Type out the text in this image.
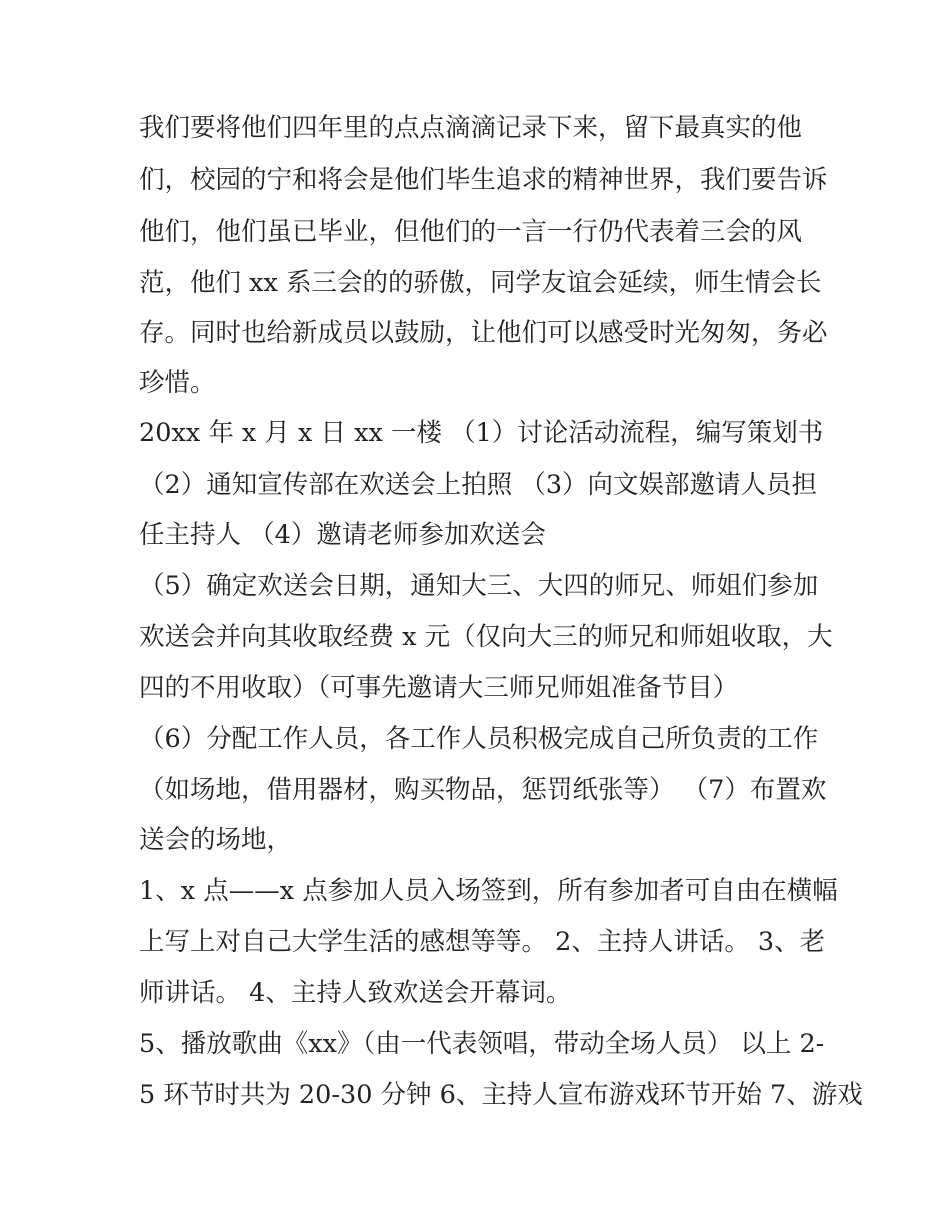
我们要将他们四年里的点点滴滴记录下来，留下最真实的他
们，校园的宁和将会是他们毕生追求的精神世界，我们要告诉
他们，他们虽已毕业，但他们的一言一行仍代表着三会的风
范，他们 xx 系三会的的骄傲，同学友谊会延续，师生情会长
存。同时也给新成员以鼓励，让他们可以感受时光匆匆，务必
珍惜。
20xx 年 x 月 x 日 xx 一楼 （1）讨论活动流程，编写策划书
（2）通知宣传部在欢送会上拍照 （3）向文娱部邀请人员担
任主持人 （4）邀请老师参加欢送会
（5）确定欢送会日期，通知大三、大四的师兄、师姐们参加
欢送会并向其收取经费 x 元（仅向大三的师兄和师姐收取，大
四的不用收取）（可事先邀请大三师兄师姐准备节目）
（6）分配工作人员，各工作人员积极完成自己所负责的工作
（如场地，借用器材，购买物品，惩罚纸张等） （7）布置欢
送会的场地，
1、x 点——x 点参加人员入场签到，所有参加者可自由在横幅
上写上对自己大学生活的感想等等。 2、主持人讲话。 3、老
师讲话。 4、主持人致欢送会开幕词。
5、播放歌曲《xx》（由一代表领唱，带动全场人员） 以上 2-
5 环节时共为 20-30 分钟 6、主持人宣布游戏环节开始 7、游戏
